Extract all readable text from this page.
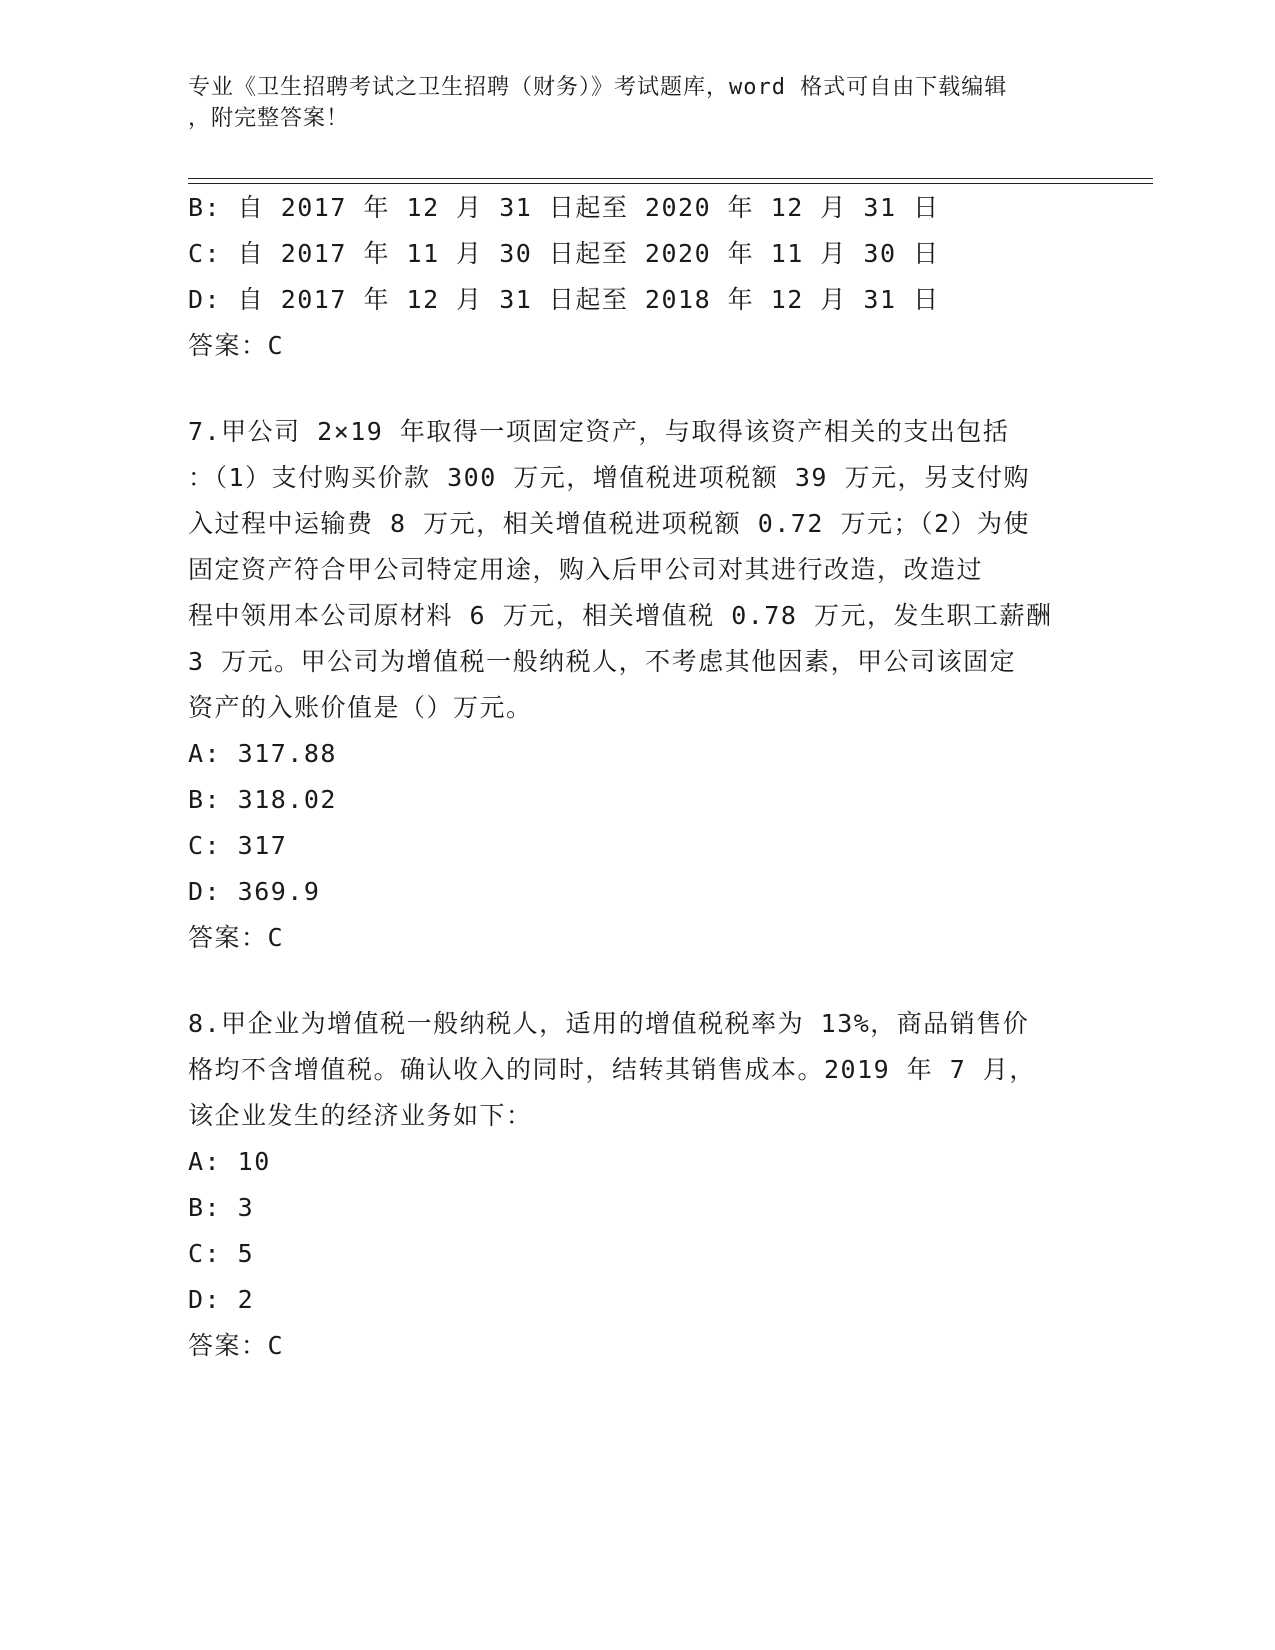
专业《卫生招聘考试之卫生招聘（财务）》考试题库，word 格式可自由下载编辑
，附完整答案！
B: 自 2017 年 12 月 31 日起至 2020 年 12 月 31 日
C: 自 2017 年 11 月 30 日起至 2020 年 11 月 30 日
D: 自 2017 年 12 月 31 日起至 2018 年 12 月 31 日
答案：C
7.甲公司 2×19 年取得一项固定资产，与取得该资产相关的支出包括
：（1）支付购买价款 300 万元，增值税进项税额 39 万元，另支付购
入过程中运输费 8 万元，相关增值税进项税额 0.72 万元；（2）为使
固定资产符合甲公司特定用途，购入后甲公司对其进行改造，改造过
程中领用本公司原材料 6 万元，相关增值税 0.78 万元，发生职工薪酬
3 万元。甲公司为增值税一般纳税人，不考虑其他因素，甲公司该固定
资产的入账价值是（）万元。
A: 317.88
B: 318.02
C: 317
D: 369.9
答案：C
8.甲企业为增值税一般纳税人，适用的增值税税率为 13%，商品销售价
格均不含增值税。确认收入的同时，结转其销售成本。2019 年 7 月，
该企业发生的经济业务如下：
A: 10
B: 3
C: 5
D: 2
答案：C
